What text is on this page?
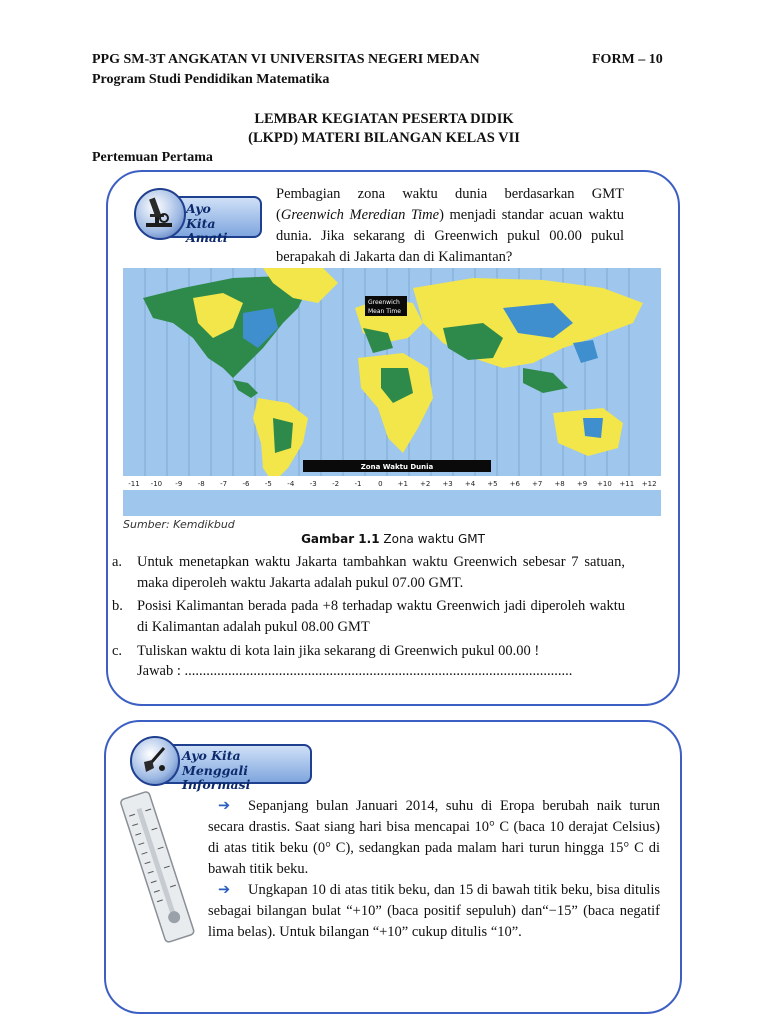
PPG SM-3T ANGKATAN VI UNIVERSITAS NEGERI MEDAN	FORM – 10
Program Studi Pendidikan Matematika
LEMBAR KEGIATAN PESERTA DIDIK
(LKPD) MATERI BILANGAN KELAS VII
Pertemuan Pertama
Ayo
Kita Amati
Pembagian zona waktu dunia berdasarkan GMT (Greenwich Meredian Time) menjadi standar acuan waktu dunia. Jika sekarang di Greenwich pukul 00.00 pukul berapakah di Jakarta dan di Kalimantan?
Greenwich
Mean Time
Zona Waktu Dunia
-11 -10 -9 -8 -7 -6 -5 -4 -3 -2 -1 0 +1 +2 +3 +4 +5 +6 +7 +8 +9 +10 +11 +12
Sumber: Kemdikbud
Gambar 1.1 Zona waktu GMT
a. Untuk menetapkan waktu Jakarta tambahkan waktu Greenwich sebesar 7 satuan, maka diperoleh waktu Jakarta adalah pukul 07.00 GMT.
b. Posisi Kalimantan berada pada +8 terhadap waktu Greenwich jadi diperoleh waktu di Kalimantan adalah pukul 08.00 GMT
c. Tuliskan waktu di kota lain jika sekarang di Greenwich pukul 00.00 !
Jawab : ...........................................................................................................
Ayo Kita
Menggali Informasi
➔ Sepanjang bulan Januari 2014, suhu di Eropa berubah naik turun secara drastis. Saat siang hari bisa mencapai 10° C (baca 10 derajat Celsius) di atas titik beku (0° C), sedangkan pada malam hari turun hingga 15° C di bawah titik beku.
➔ Ungkapan 10 di atas titik beku, dan 15 di bawah titik beku, bisa ditulis sebagai bilangan bulat “+10” (baca positif sepuluh) dan“−15” (baca negatif lima belas). Untuk bilangan “+10” cukup ditulis “10”.
